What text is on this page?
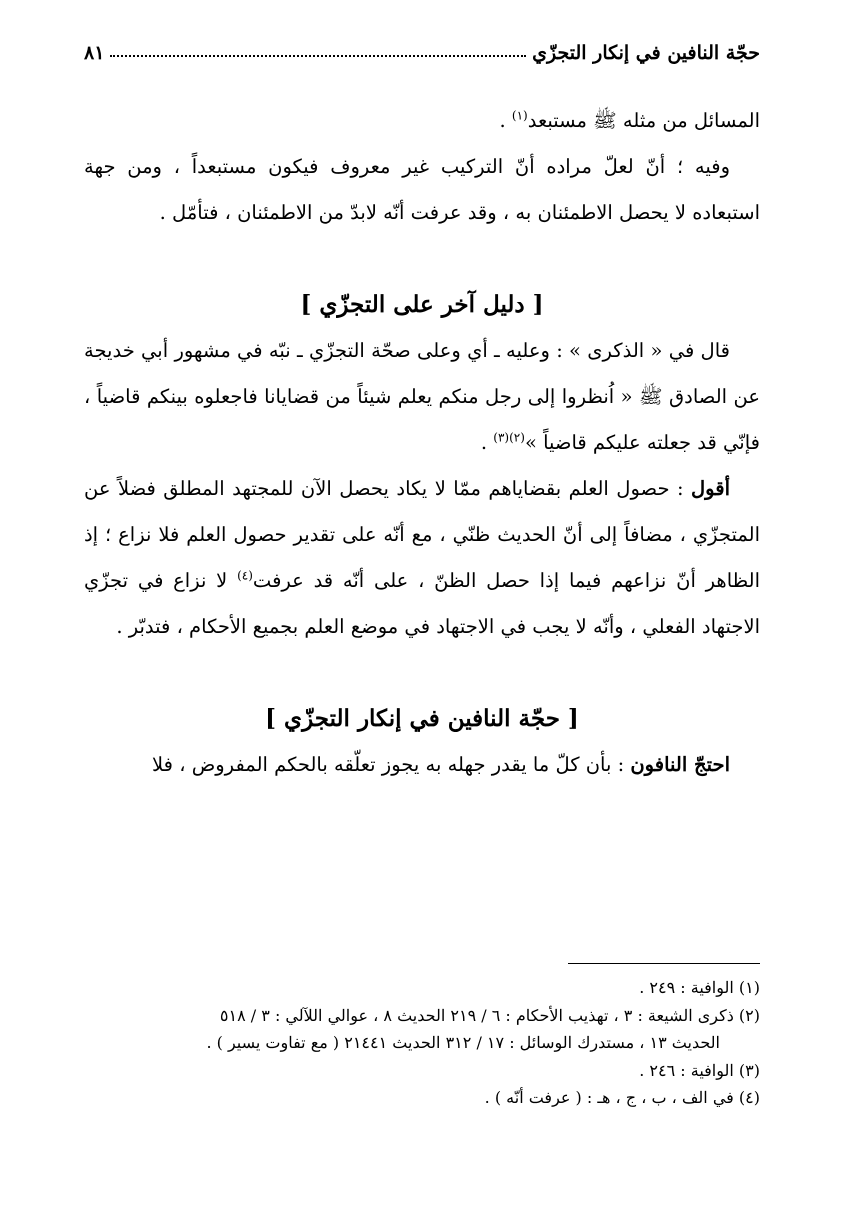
حجّة النافين في إنكار التجزّي
٨١

المسائل من مثله ﷺ مستبعد$^{(١)}$ .

وفيه ؛ أنّ لعلّ مراده أنّ التركيب غير معروف فيكون مستبعداً ، ومن جهة استبعاده لا يحصل الاطمئنان به ، وقد عرفت أنّه لابدّ من الاطمئنان ، فتأمّل .

[ دليل آخر على التجزّي ]

قال في « الذكرى » : وعليه ـ أي وعلى صحّة التجزّي ـ نبّه في مشهور أبي خديجة عن الصادق ﷺ « اُنظروا إلى رجل منكم يعلم شيئاً من قضايانا فاجعلوه بينكم قاضياً ، فإنّي قد جعلته عليكم قاضياً »$^{(٢)(٣)}$ .

أقول : حصول العلم بقضاياهم ممّا لا يكاد يحصل الآن للمجتهد المطلق فضلاً عن المتجزّي ، مضافاً إلى أنّ الحديث ظنّي ، مع أنّه على تقدير حصول العلم فلا نزاع ؛ إذ الظاهر أنّ نزاعهم فيما إذا حصل الظنّ ، على أنّه قد عرفت$^{(٤)}$ لا نزاع في تجزّي الاجتهاد الفعلي ، وأنّه لا يجب في الاجتهاد في موضع العلم بجميع الأحكام ، فتدبّر .

[ حجّة النافين في إنكار التجزّي ]

احتجّ النافون : بأن كلّ ما يقدر جهله به يجوز تعلّقه بالحكم المفروض ، فلا

(١) الوافية : ٢٤٩ .

(٢) ذكرى الشيعة : ٣ ، تهذيب الأحكام : ٦ / ٢١٩ الحديث ٨ ، عوالي اللآلي : ٣ / ٥١٨

الحديث ١٣ ، مستدرك الوسائل : ١٧ / ٣١٢ الحديث ٢١٤٤١ ( مع تفاوت يسير ) .

(٣) الوافية : ٢٤٦ .

(٤) في الف ، ب ، ج ، هـ : ( عرفت أنّه ) .
